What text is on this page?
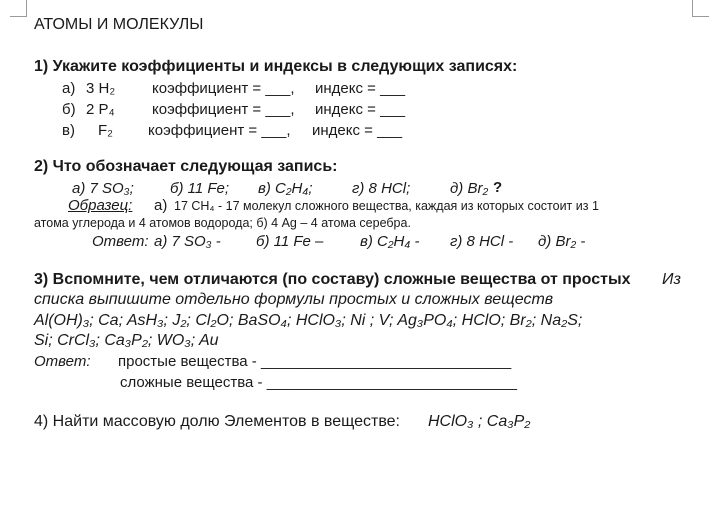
АТОМЫ И МОЛЕКУЛЫ
1) Укажите коэффициенты и индексы в следующих записях:
а) 3 H₂ коэффициент = ___, индекс = ___
б) 2 P₄ коэффициент = ___, индекс = ___
в) F₂ коэффициент = ___, индекс = ___
2) Что обозначает следующая запись:
а) 7 SO₃; б) 11 Fe; в) C₂H₄;	г) 8 HCl;	д) Br₂ ?
Образец: а) 17 CH₄ - 17 молекул сложного вещества, каждая из которых состоит из 1
атома углерода и 4 атомов водорода; б) 4 Ag – 4 атома серебра.
Ответ: а) 7 SO₃ - б) 11 Fe – в) C₂H₄ - г) 8 HCl - д) Br₂ -
3) Вспомните, чем отличаются (по составу) сложные вещества от простых Из
списка выпишите отдельно формулы простых и сложных веществ
Al(OH)₃; Ca; AsH₃; J₂; Cl₂O; BaSO₄; HClO₃; Ni ; V; Ag₃PO₄; HClO; Br₂; Na₂S;
Si; CrCl₃; Ca₃P₂; WO₃; Au
Ответ: простые вещества - ______________________________
сложные вещества - ______________________________
4) Найти массовую долю Элементов в веществе: HClO₃ ; Ca₃P₂
